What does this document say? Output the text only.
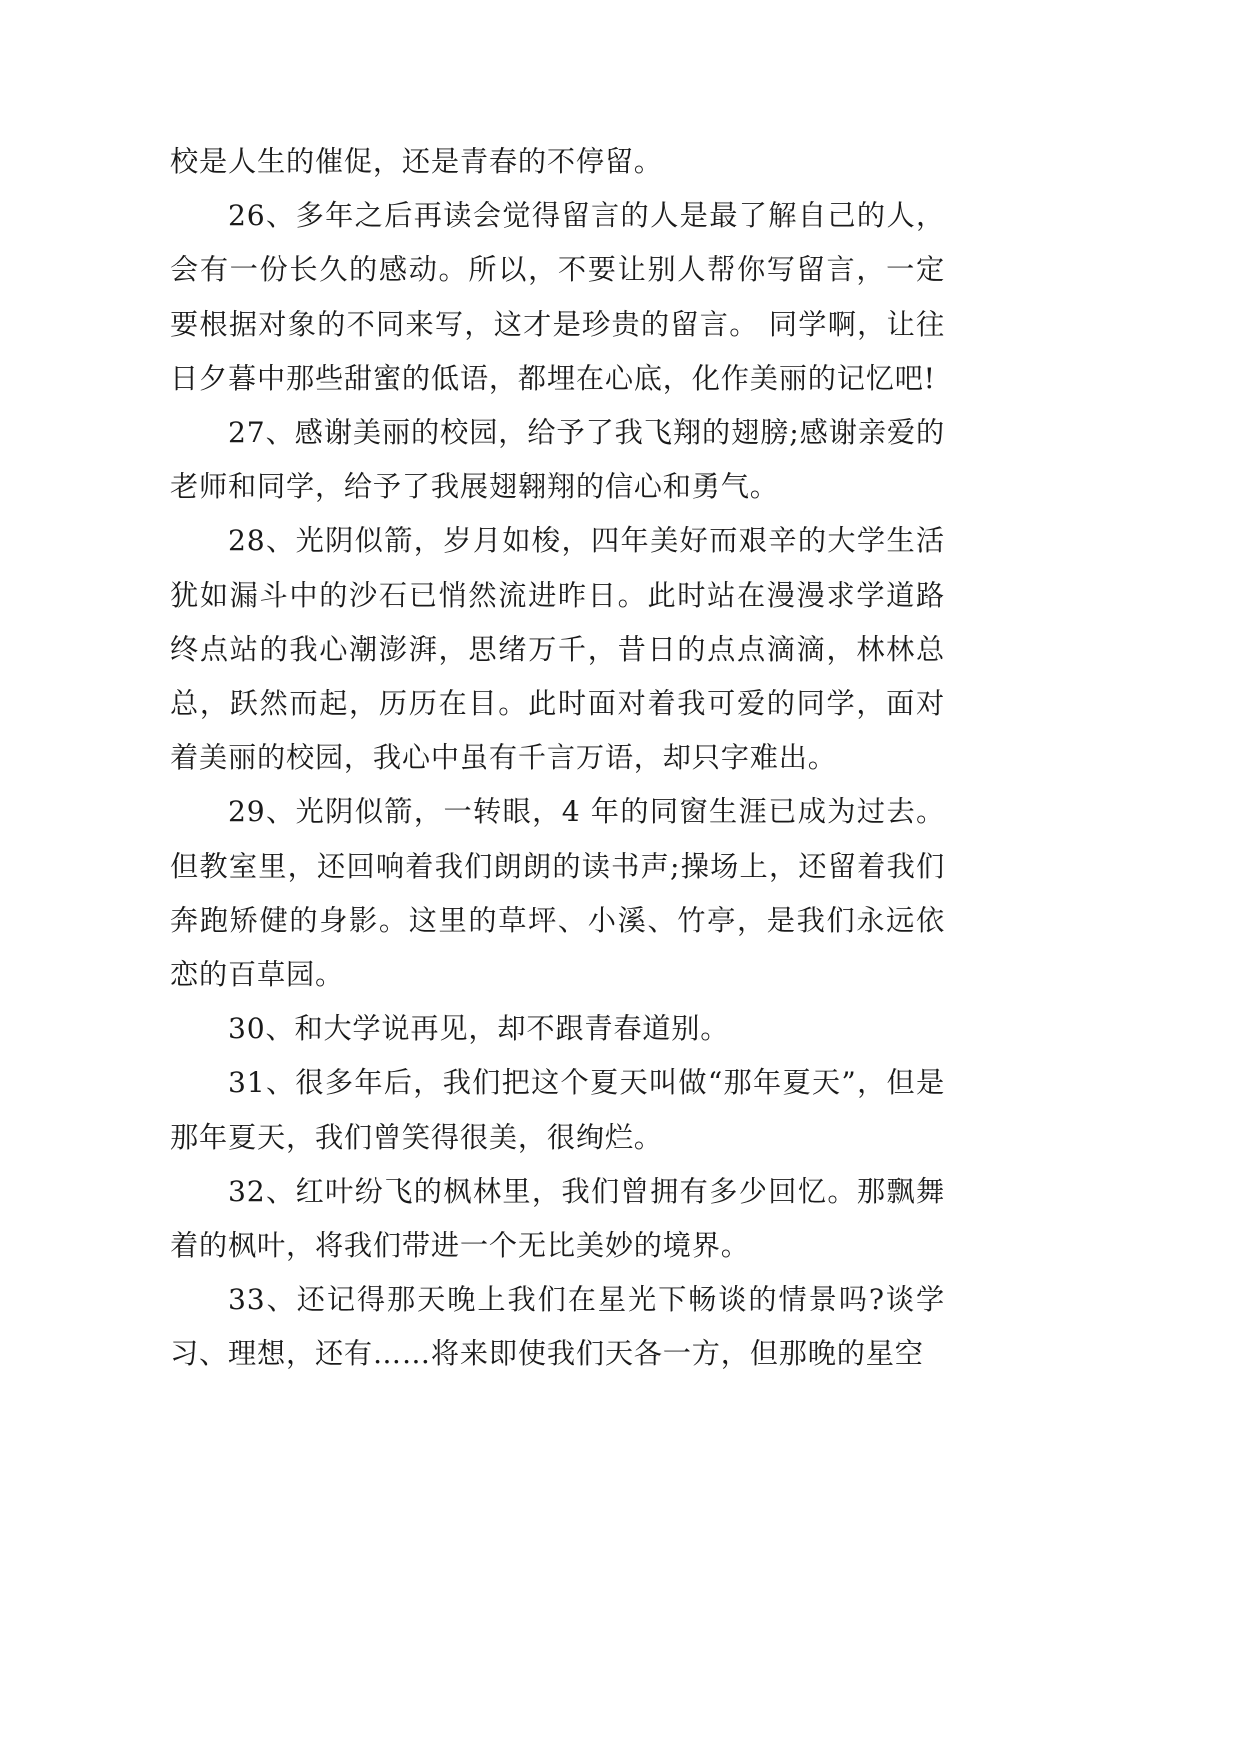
校是人生的催促，还是青春的不停留。

26、多年之后再读会觉得留言的人是最了解自己的人，会有一份长久的感动。所以，不要让别人帮你写留言，一定要根据对象的不同来写，这才是珍贵的留言。 同学啊，让往日夕暮中那些甜蜜的低语，都埋在心底，化作美丽的记忆吧!

27、感谢美丽的校园，给予了我飞翔的翅膀;感谢亲爱的老师和同学，给予了我展翅翱翔的信心和勇气。

28、光阴似箭，岁月如梭，四年美好而艰辛的大学生活犹如漏斗中的沙石已悄然流进昨日。此时站在漫漫求学道路终点站的我心潮澎湃，思绪万千，昔日的点点滴滴，林林总总，跃然而起，历历在目。此时面对着我可爱的同学，面对着美丽的校园，我心中虽有千言万语，却只字难出。

29、光阴似箭，一转眼，4 年的同窗生涯已成为过去。但教室里，还回响着我们朗朗的读书声;操场上，还留着我们奔跑矫健的身影。这里的草坪、小溪、竹亭，是我们永远依恋的百草园。

30、和大学说再见，却不跟青春道别。

31、很多年后，我们把这个夏天叫做“那年夏天”，但是那年夏天，我们曾笑得很美，很绚烂。

32、红叶纷飞的枫林里，我们曾拥有多少回忆。那飘舞着的枫叶，将我们带进一个无比美妙的境界。

33、还记得那天晚上我们在星光下畅谈的情景吗?谈学习、理想，还有……将来即使我们天各一方，但那晚的星空
